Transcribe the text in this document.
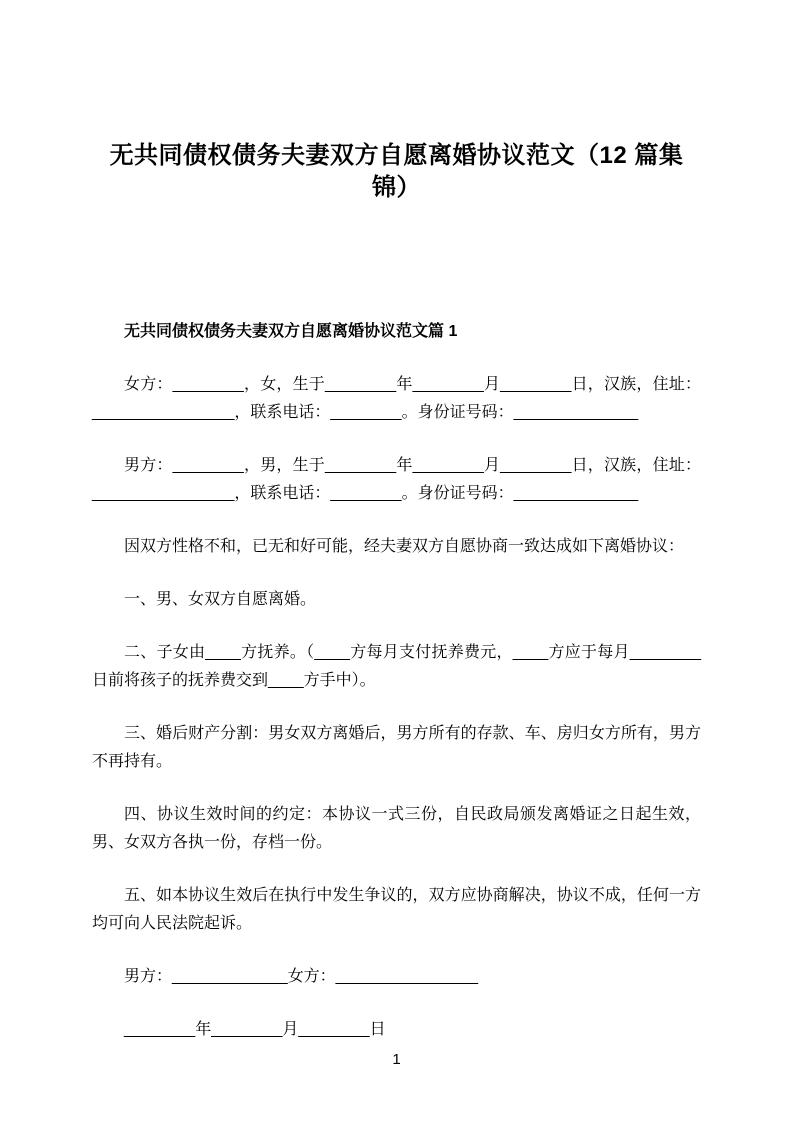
无共同债权债务夫妻双方自愿离婚协议范文（12 篇集锦）
无共同债权债务夫妻双方自愿离婚协议范文篇 1

女方：________，女，生于________年________月________日，汉族，住址：________________，联系电话：________。身份证号码：______________

男方：________，男，生于________年________月________日，汉族，住址：________________，联系电话：________。身份证号码：______________

因双方性格不和，已无和好可能，经夫妻双方自愿协商一致达成如下离婚协议：

一、男、女双方自愿离婚。

二、子女由____方抚养。（____方每月支付抚养费元，____方应于每月________日前将孩子的抚养费交到____方手中）。

三、婚后财产分割：男女双方离婚后，男方所有的存款、车、房归女方所有，男方不再持有。

四、协议生效时间的约定：本协议一式三份，自民政局颁发离婚证之日起生效，男、女双方各执一份，存档一份。

五、如本协议生效后在执行中发生争议的，双方应协商解决，协议不成，任何一方均可向人民法院起诉。

男方：_____________女方：________________

________年________月________日

1
